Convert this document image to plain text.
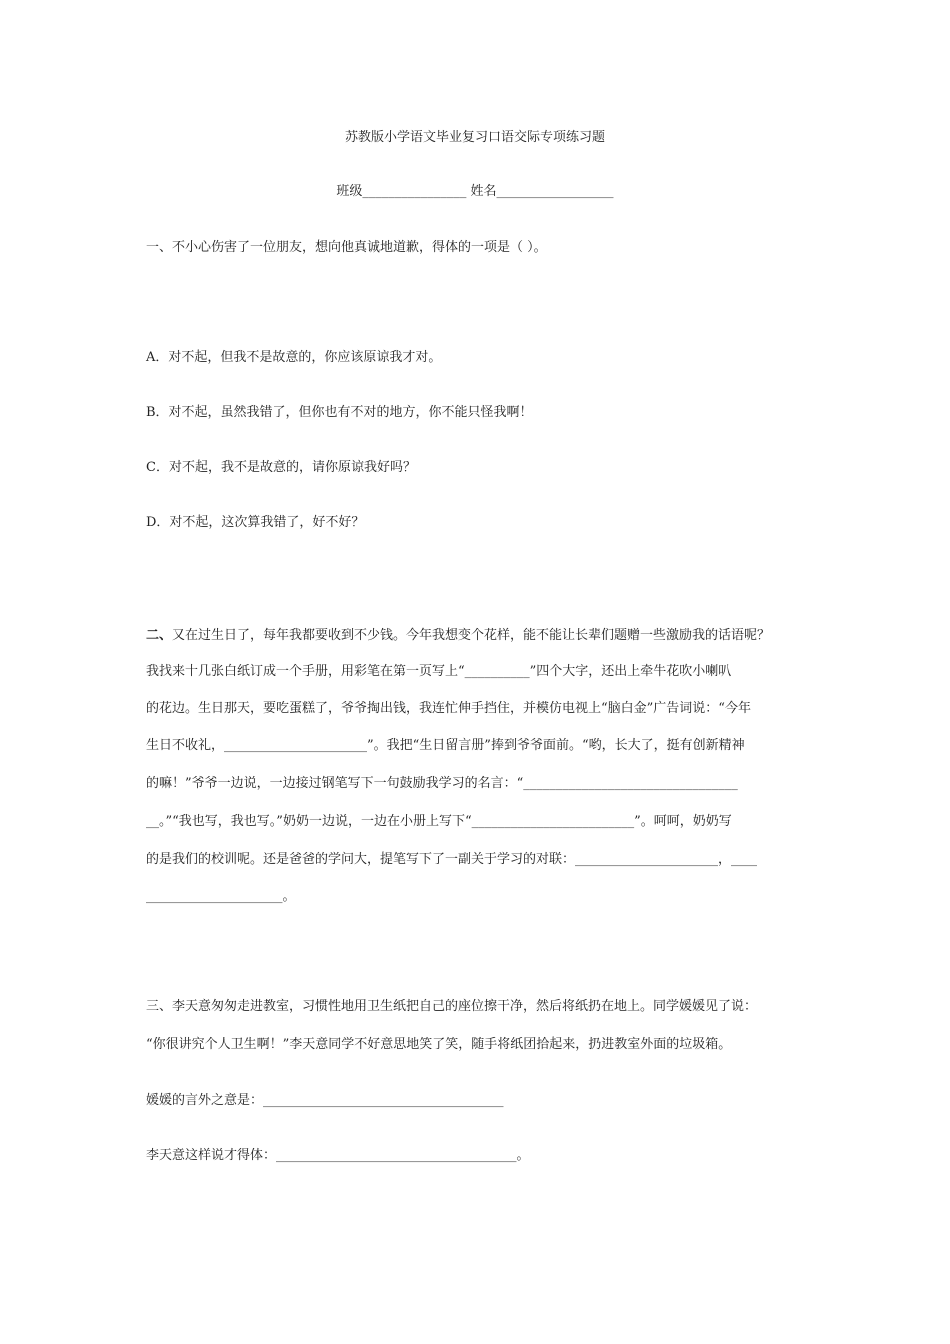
苏教版小学语文毕业复习口语交际专项练习题
班级________________ 姓名__________________
一、不小心伤害了一位朋友，想向他真诚地道歉，得体的一项是（ ）。
A．对不起，但我不是故意的，你应该原谅我才对。
B．对不起，虽然我错了，但你也有不对的地方，你不能只怪我啊！
C．对不起，我不是故意的，请你原谅我好吗？
D．对不起，这次算我错了，好不好？
二、又在过生日了，每年我都要收到不少钱。今年我想变个花样，能不能让长辈们题赠一些激励我的话语呢？
我找来十几张白纸订成一个手册，用彩笔在第一页写上“__________”四个大字，还出上牵牛花吹小喇叭
的花边。生日那天，要吃蛋糕了，爷爷掏出钱，我连忙伸手挡住，并模仿电视上“脑白金”广告词说：“今年
生日不收礼，______________________”。我把“生日留言册”捧到爷爷面前。“哟，长大了，挺有创新精神
的嘛！”爷爷一边说，一边接过钢笔写下一句鼓励我学习的名言：“_________________________________
__。”“我也写，我也写。”奶奶一边说，一边在小册上写下“_________________________”。呵呵，奶奶写
的是我们的校训呢。还是爸爸的学问大，提笔写下了一副关于学习的对联：______________________，____
_____________________。
三、李天意匆匆走进教室，习惯性地用卫生纸把自己的座位擦干净，然后将纸扔在地上。同学媛媛见了说：
“你很讲究个人卫生啊！”李天意同学不好意思地笑了笑，随手将纸团拾起来，扔进教室外面的垃圾箱。
媛媛的言外之意是：_____________________________________
李天意这样说才得体：_____________________________________。
